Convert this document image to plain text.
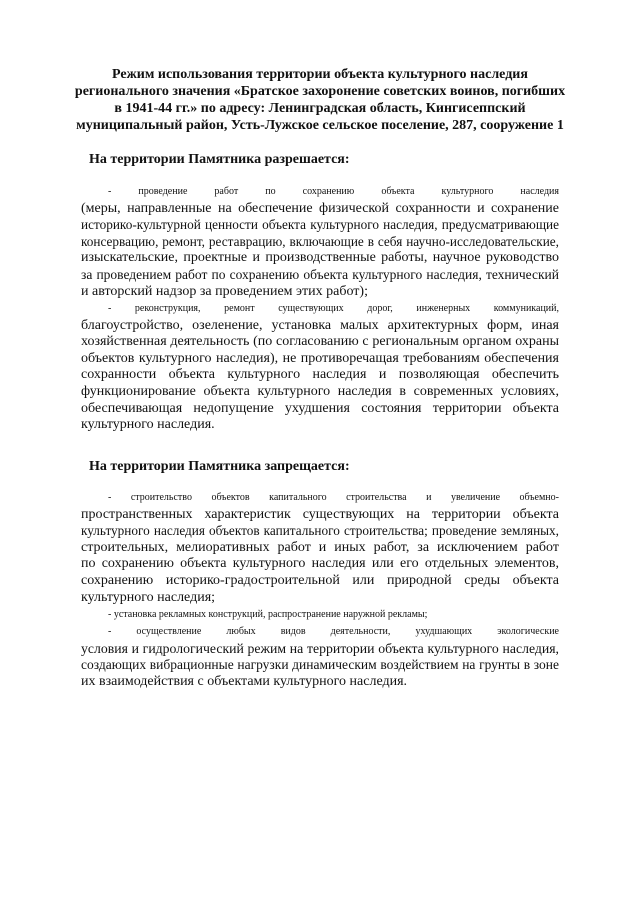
Режим использования территории объекта культурного наследия
регионального значения «Братское захоронение советских воинов, погибших
в 1941-44 гг.» по адресу: Ленинградская область, Кингисеппский
муниципальный район, Усть-Лужское сельское поселение, 287, сооружение 1
На территории Памятника разрешается:
- проведение работ по сохранению объекта культурного наследия
(меры, направленные на обеспечение физической сохранности и сохранение
историко-культурной ценности объекта культурного наследия, предусматривающие
консервацию, ремонт, реставрацию, включающие в себя научно-исследовательские,
изыскательские, проектные и производственные работы, научное руководство
за проведением работ по сохранению объекта культурного наследия, технический
и авторский надзор за проведением этих работ);
- реконструкция, ремонт существующих дорог, инженерных коммуникаций,
благоустройство, озеленение, установка малых архитектурных форм, иная
хозяйственная деятельность (по согласованию с региональным органом охраны
объектов культурного наследия), не противоречащая требованиям обеспечения
сохранности объекта культурного наследия и позволяющая обеспечить
функционирование объекта культурного наследия в современных условиях,
обеспечивающая недопущение ухудшения состояния территории объекта
культурного наследия.
На территории Памятника запрещается:
- строительство объектов капитального строительства и увеличение объемно-
пространственных характеристик существующих на территории объекта
культурного наследия объектов капитального строительства; проведение земляных,
строительных, мелиоративных работ и иных работ, за исключением работ
по сохранению объекта культурного наследия или его отдельных элементов,
сохранению историко-градостроительной или природной среды объекта
культурного наследия;
- установка рекламных конструкций, распространение наружной рекламы;
- осуществление любых видов деятельности, ухудшающих экологические
условия и гидрологический режим на территории объекта культурного наследия,
создающих вибрационные нагрузки динамическим воздействием на грунты в зоне
их взаимодействия с объектами культурного наследия.
